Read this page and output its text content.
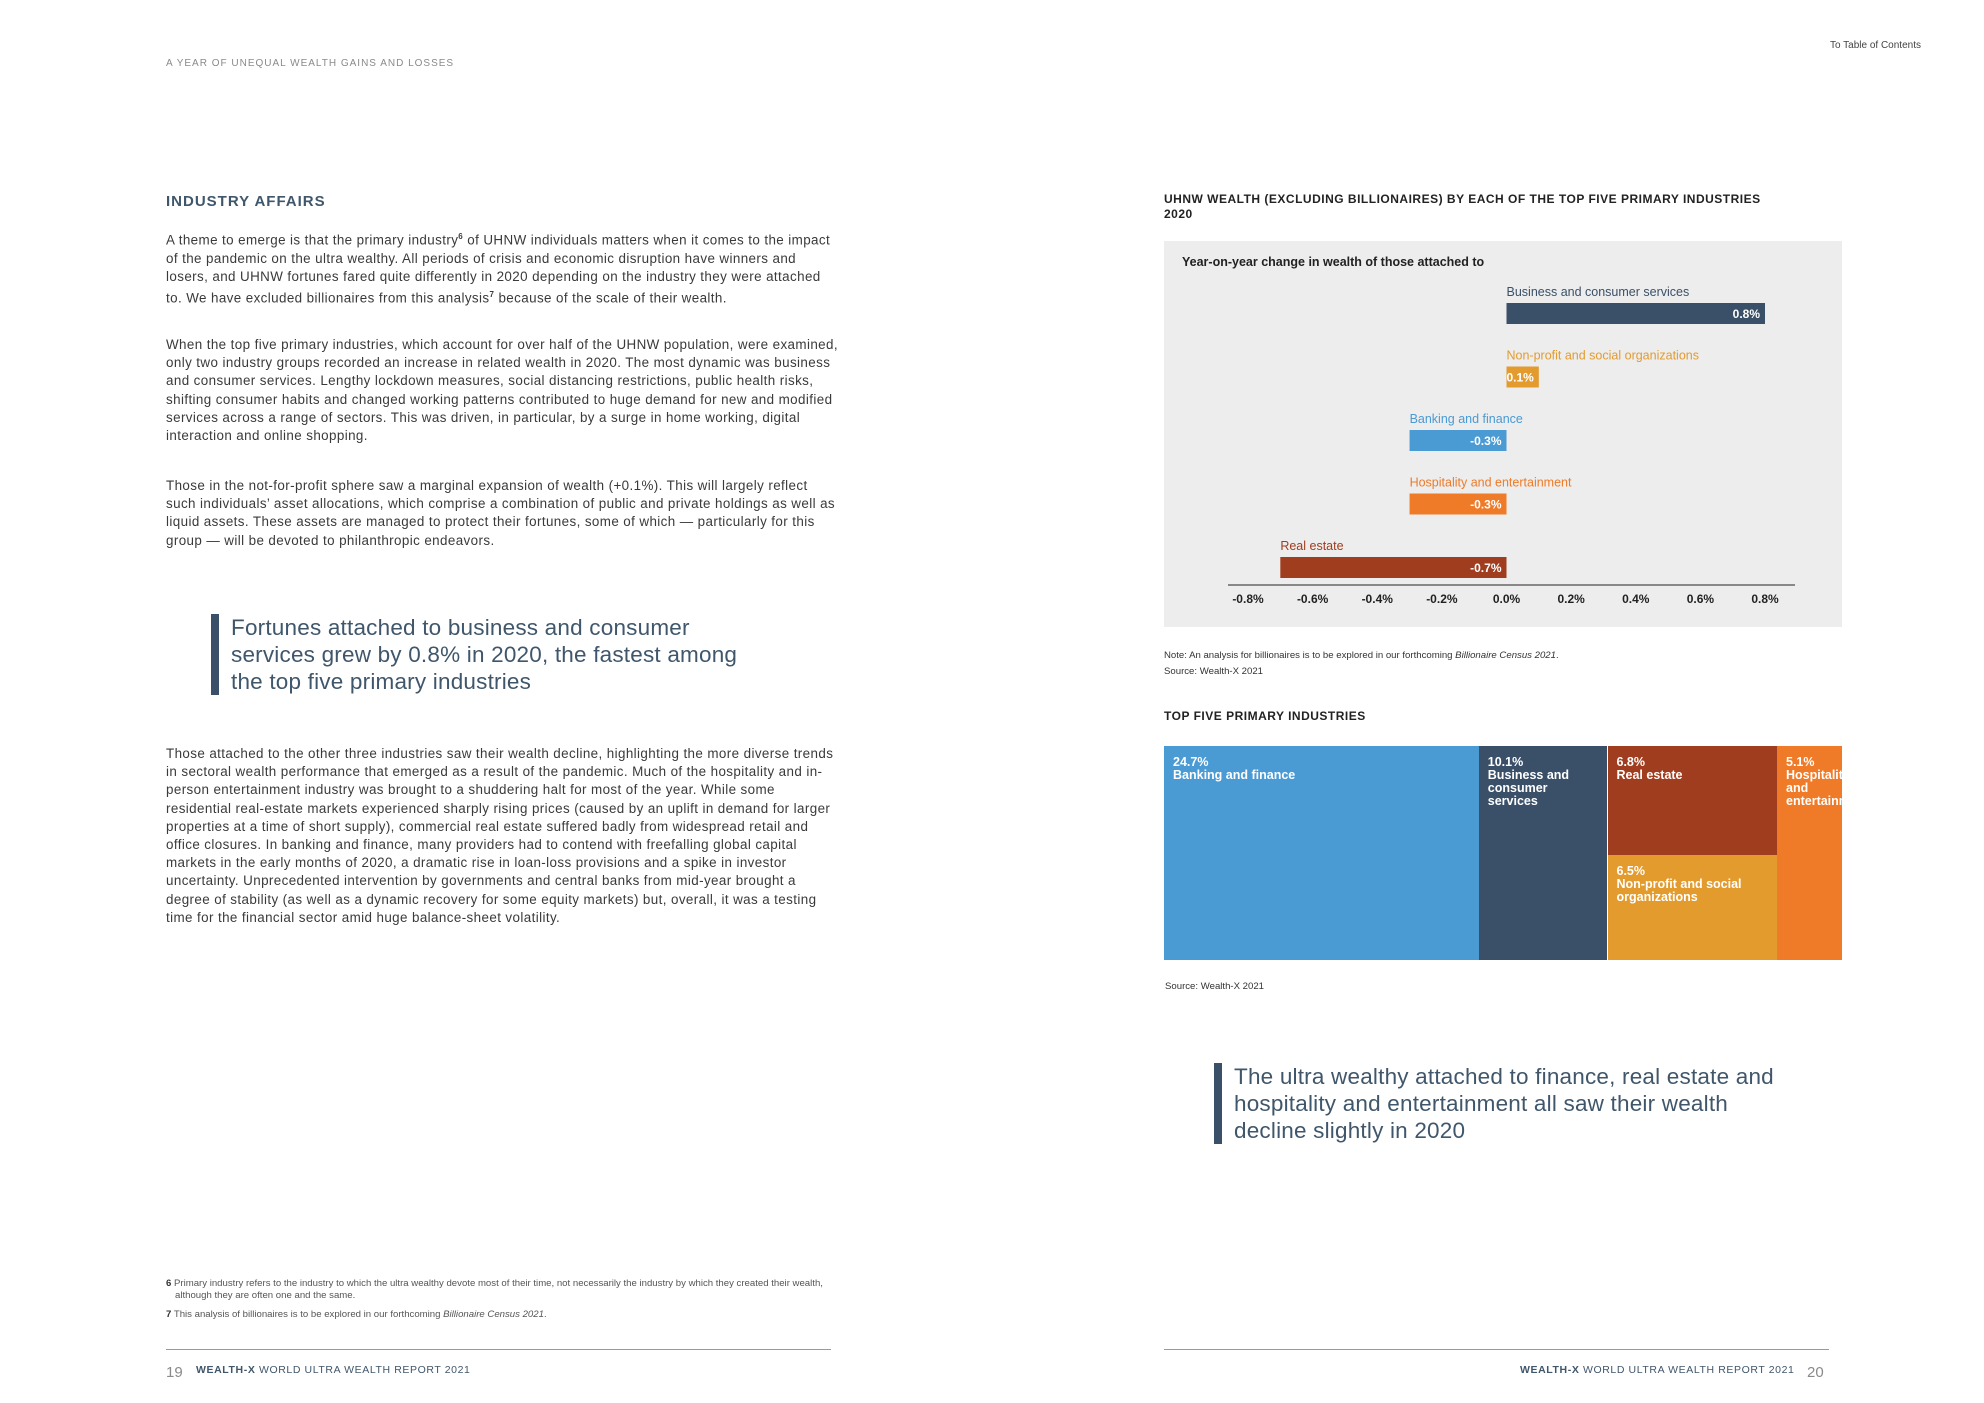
To Table of Contents
A YEAR OF UNEQUAL WEALTH GAINS AND LOSSES
INDUSTRY AFFAIRS

A theme to emerge is that the primary industry$^6$ of UHNW individuals matters when it comes to the impact of the pandemic on the ultra wealthy. All periods of crisis and economic disruption have winners and losers, and UHNW fortunes fared quite differently in 2020 depending on the industry they were attached to. We have excluded billionaires from this analysis$^7$ because of the scale of their wealth.

When the top five primary industries, which account for over half of the UHNW population, were examined, only two industry groups recorded an increase in related wealth in 2020. The most dynamic was business and consumer services. Lengthy lockdown measures, social distancing restrictions, public health risks, shifting consumer habits and changed working patterns contributed to huge demand for new and modified services across a range of sectors. This was driven, in particular, by a surge in home working, digital interaction and online shopping.

Those in the not-for-profit sphere saw a marginal expansion of wealth (+0.1%). This will largely reflect such individuals’ asset allocations, which comprise a combination of public and private holdings as well as liquid assets. These assets are managed to protect their fortunes, some of which — particularly for this group — will be devoted to philanthropic endeavors.

Fortunes attached to business and consumer services grew by 0.8% in 2020, the fastest among the top five primary industries

Those attached to the other three industries saw their wealth decline, highlighting the more diverse trends in sectoral wealth performance that emerged as a result of the pandemic. Much of the hospitality and in-person entertainment industry was brought to a shuddering halt for most of the year. While some residential real-estate markets experienced sharply rising prices (caused by an uplift in demand for larger properties at a time of short supply), commercial real estate suffered badly from widespread retail and office closures. In banking and finance, many providers had to contend with freefalling global capital markets in the early months of 2020, a dramatic rise in loan-loss provisions and a spike in investor uncertainty. Unprecedented intervention by governments and central banks from mid-year brought a degree of stability (as well as a dynamic recovery for some equity markets) but, overall, it was a testing time for the financial sector amid huge balance-sheet volatility.

6 Primary industry refers to the industry to which the ultra wealthy devote most of their time, not necessarily the industry by which they created their wealth, although they are often one and the same.
7 This analysis of billionaires is to be explored in our forthcoming Billionaire Census 2021.
19 WEALTH-X WORLD ULTRA WEALTH REPORT 2021
UHNW WEALTH (EXCLUDING BILLIONAIRES) BY EACH OF THE TOP FIVE PRIMARY INDUSTRIES 2020
Year-on-year change in wealth of those attached to
Business and consumer services
0.8%
Non-profit and social organizations
0.1%
Banking and finance
-0.3%
Hospitality and entertainment
-0.3%
Real estate
-0.7%
-0.8%	-0.6%	-0.4%	-0.2%	0.0%	0.2%	0.4%	0.6%	0.8%
Note: An analysis for billionaires is to be explored in our forthcoming Billionaire Census 2021.
Source: Wealth-X 2021
TOP FIVE PRIMARY INDUSTRIES
24.7%
Banking and finance
10.1%
Business and consumer services
6.8%
Real estate
6.5%
Non-profit and social organizations
5.1%
Hospitality and entertainment
Source: Wealth-X 2021
The ultra wealthy attached to finance, real estate and hospitality and entertainment all saw their wealth decline slightly in 2020
WEALTH-X WORLD ULTRA WEALTH REPORT 2021 20
